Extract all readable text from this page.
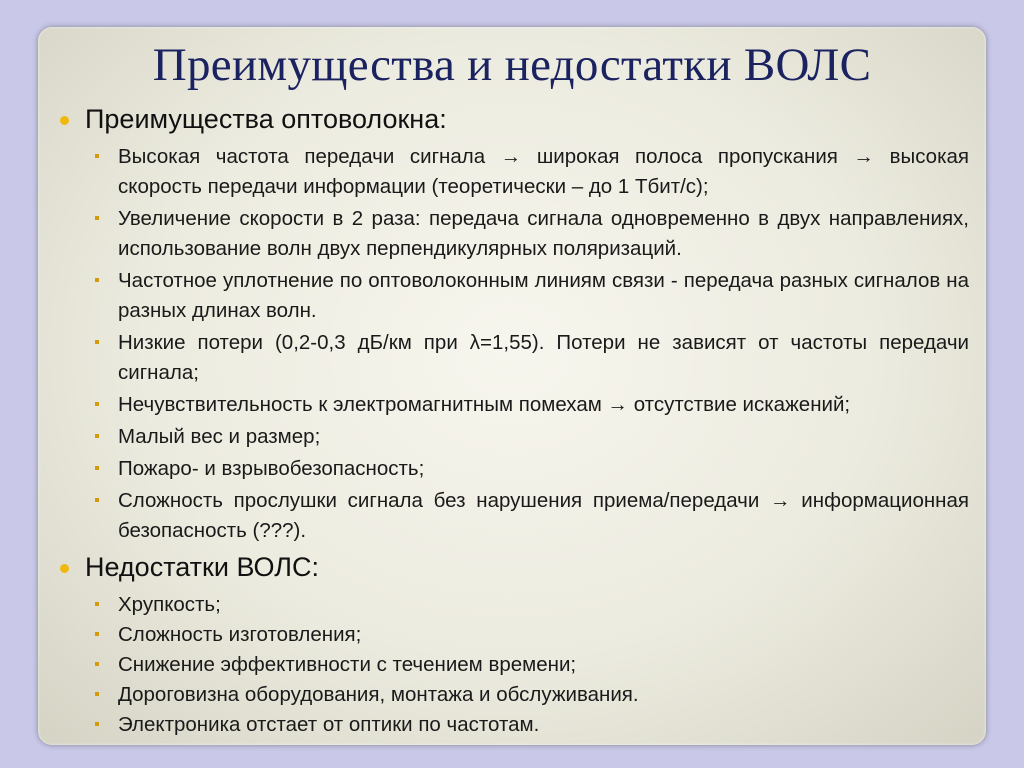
Преимущества и недостатки ВОЛС
Преимущества оптоволокна:
Высокая частота передачи сигнала → широкая полоса пропускания → высокая скорость передачи информации (теоретически – до 1 Тбит/с);
Увеличение скорости в 2 раза: передача сигнала одновременно в двух направлениях, использование волн двух перпендикулярных поляризаций.
Частотное уплотнение по оптоволоконным линиям связи - передача разных сигналов на разных длинах волн.
Низкие потери (0,2-0,3 дБ/км при λ=1,55). Потери не зависят от частоты передачи сигнала;
Нечувствительность к электромагнитным помехам → отсутствие искажений;
Малый вес и размер;
Пожаро- и взрывобезопасность;
Сложность прослушки сигнала без нарушения приема/передачи → информационная безопасность (???).
Недостатки ВОЛС:
Хрупкость;
Сложность изготовления;
Снижение эффективности с течением времени;
Дороговизна оборудования, монтажа и обслуживания.
Электроника отстает от оптики по частотам.
